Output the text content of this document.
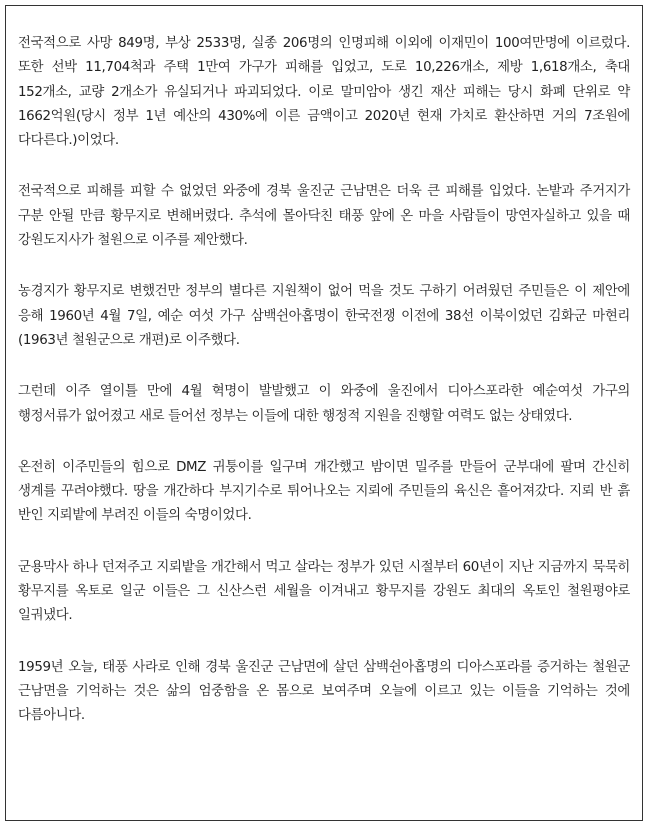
전국적으로 사망 849명, 부상 2533명, 실종 206명의 인명피해 이외에 이재민이 100여만명에 이르렀다. 또한 선박 11,704척과 주택 1만여 가구가 피해를 입었고, 도로 10,226개소, 제방 1,618개소, 축대 152개소, 교량 2개소가 유실되거나 파괴되었다. 이로 말미암아 생긴 재산 피해는 당시 화폐 단위로 약 1662억원(당시 정부 1년 예산의 430%에 이른 금액이고 2020년 현재 가치로 환산하면 거의 7조원에 다다른다.)이었다.

전국적으로 피해를 피할 수 없었던 와중에 경북 울진군 근남면은 더욱 큰 피해를 입었다. 논밭과 주거지가 구분 안될 만큼 황무지로 변해버렸다. 추석에 몰아닥친 태풍 앞에 온 마을 사람들이 망연자실하고 있을 때 강원도지사가 철원으로 이주를 제안했다.

농경지가 황무지로 변했건만 정부의 별다른 지원책이 없어 먹을 것도 구하기 어려웠던 주민들은 이 제안에 응해 1960년 4월 7일, 예순 여섯 가구 삼백쉰아홉명이 한국전쟁 이전에 38선 이북이었던 김화군 마현리(1963년 철원군으로 개편)로 이주했다.

그런데 이주 열이틀 만에 4월 혁명이 발발했고 이 와중에 울진에서 디아스포라한 예순여섯 가구의 행정서류가 없어졌고 새로 들어선 정부는 이들에 대한 행정적 지원을 진행할 여력도 없는 상태였다.

온전히 이주민들의 힘으로 DMZ 귀퉁이를 일구며 개간했고 밤이면 밀주를 만들어 군부대에 팔며 간신히 생계를 꾸려야했다. 땅을 개간하다 부지기수로 튀어나오는 지뢰에 주민들의 육신은 흩어져갔다. 지뢰 반 흙 반인 지뢰밭에 부려진 이들의 숙명이었다.

군용막사 하나 던져주고 지뢰밭을 개간해서 먹고 살라는 정부가 있던 시절부터 60년이 지난 지금까지 묵묵히 황무지를 옥토로 일군 이들은 그 신산스런 세월을 이겨내고 황무지를 강원도 최대의 옥토인 철원평야로 일궈냈다.

1959년 오늘, 태풍 사라로 인해 경북 울진군 근남면에 살던 삼백쉰아홉명의 디아스포라를 증거하는 철원군 근남면을 기억하는 것은 삶의 엄중함을 온 몸으로 보여주며 오늘에 이르고 있는 이들을 기억하는 것에 다름아니다.
